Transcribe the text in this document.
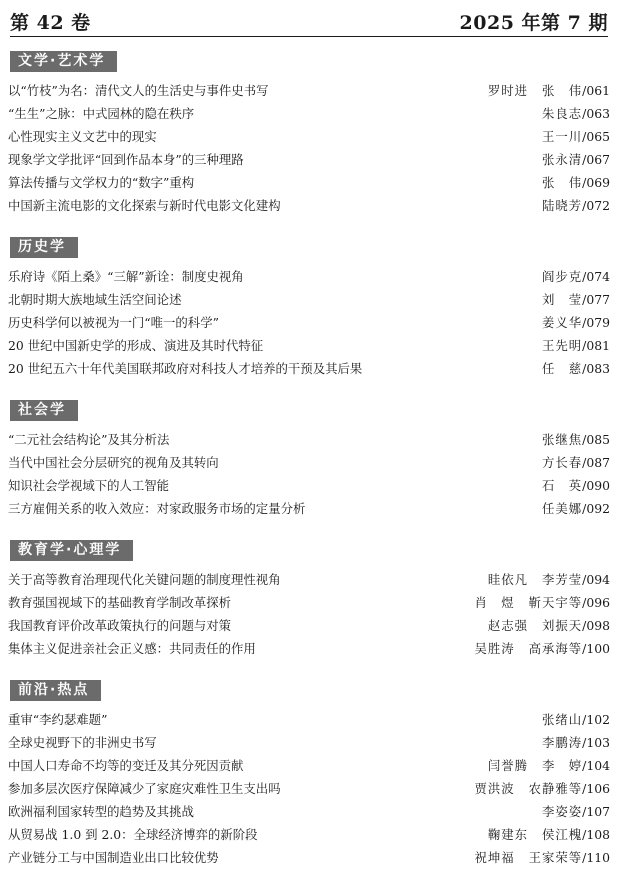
第 42 卷	2025 年第 7 期
文学·艺术学
以“竹枝”为名：清代文人的生活史与事件史书写	罗时进 张　伟/061
“生生”之脉：中式园林的隐在秩序	朱良志/063
心性现实主义文艺中的现实	王一川/065
现象学文学批评“回到作品本身”的三种理路	张永清/067
算法传播与文学权力的“数字”重构	张　伟/069
中国新主流电影的文化探索与新时代电影文化建构	陆晓芳/072
历史学
乐府诗《陌上桑》“三解”新诠：制度史视角	阎步克/074
北朝时期大族地域生活空间论述	刘　莹/077
历史科学何以被视为一门“唯一的科学”	姜义华/079
20 世纪中国新史学的形成、演进及其时代特征	王先明/081
20 世纪五六十年代美国联邦政府对科技人才培养的干预及其后果	任　慈/083
社会学
“二元社会结构论”及其分析法	张继焦/085
当代中国社会分层研究的视角及其转向	方长春/087
知识社会学视域下的人工智能	石　英/090
三方雇佣关系的收入效应：对家政服务市场的定量分析	任美娜/092
教育学·心理学
关于高等教育治理现代化关键问题的制度理性视角	眭依凡 李芳莹/094
教育强国视域下的基础教育学制改革探析	肖　煜 靳天宇等/096
我国教育评价改革政策执行的问题与对策	赵志强 刘振天/098
集体主义促进亲社会正义感：共同责任的作用	吴胜涛 高承海等/100
前沿·热点
重审“李约瑟难题”	张绪山/102
全球史视野下的非洲史书写	李鹏涛/103
中国人口寿命不均等的变迁及其分死因贡献	闫誉腾 李　婷/104
参加多层次医疗保障减少了家庭灾难性卫生支出吗	贾洪波 农静雅等/106
欧洲福利国家转型的趋势及其挑战	李姿姿/107
从贸易战 1.0 到 2.0：全球经济博弈的新阶段	鞠建东 侯江槐/108
产业链分工与中国制造业出口比较优势	祝坤福 王家荣等/110
